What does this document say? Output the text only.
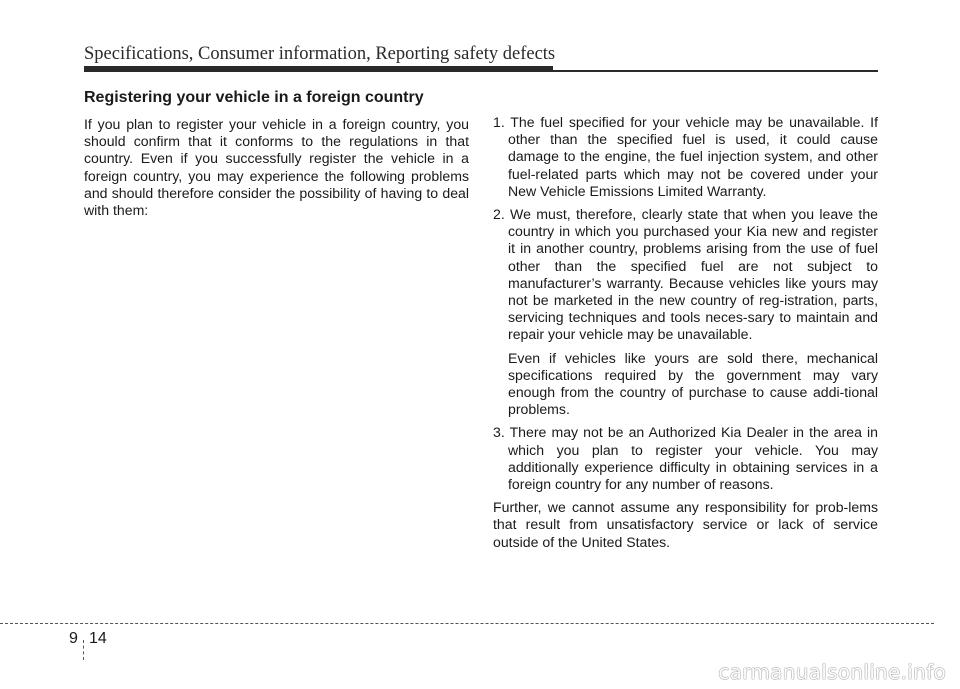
Specifications, Consumer information, Reporting safety defects
Registering your vehicle in a foreign country

If you plan to register your vehicle in a foreign country, you should confirm that it conforms to the regulations in that country. Even if you successfully register the vehicle in a foreign country, you may experience the following problems and should therefore consider the possibility of having to deal with them:

1. The fuel specified for your vehicle may be unavailable. If other than the specified fuel is used, it could cause damage to the engine, the fuel injection system, and other fuel-related parts which may not be covered under your New Vehicle Emissions Limited Warranty.

2. We must, therefore, clearly state that when you leave the country in which you purchased your Kia new and register it in another country, problems arising from the use of fuel other than the specified fuel are not subject to manufacturer’s warranty. Because vehicles like yours may not be marketed in the new country of reg-istration, parts, servicing techniques and tools neces-sary to maintain and repair your vehicle may be unavailable.

Even if vehicles like yours are sold there, mechanical specifications required by the government may vary enough from the country of purchase to cause addi-tional problems.

3. There may not be an Authorized Kia Dealer in the area in which you plan to register your vehicle. You may additionally experience difficulty in obtaining services in a foreign country for any number of reasons.

Further, we cannot assume any responsibility for prob-lems that result from unsatisfactory service or lack of service outside of the United States.

9 14
carmanualsonline.info
